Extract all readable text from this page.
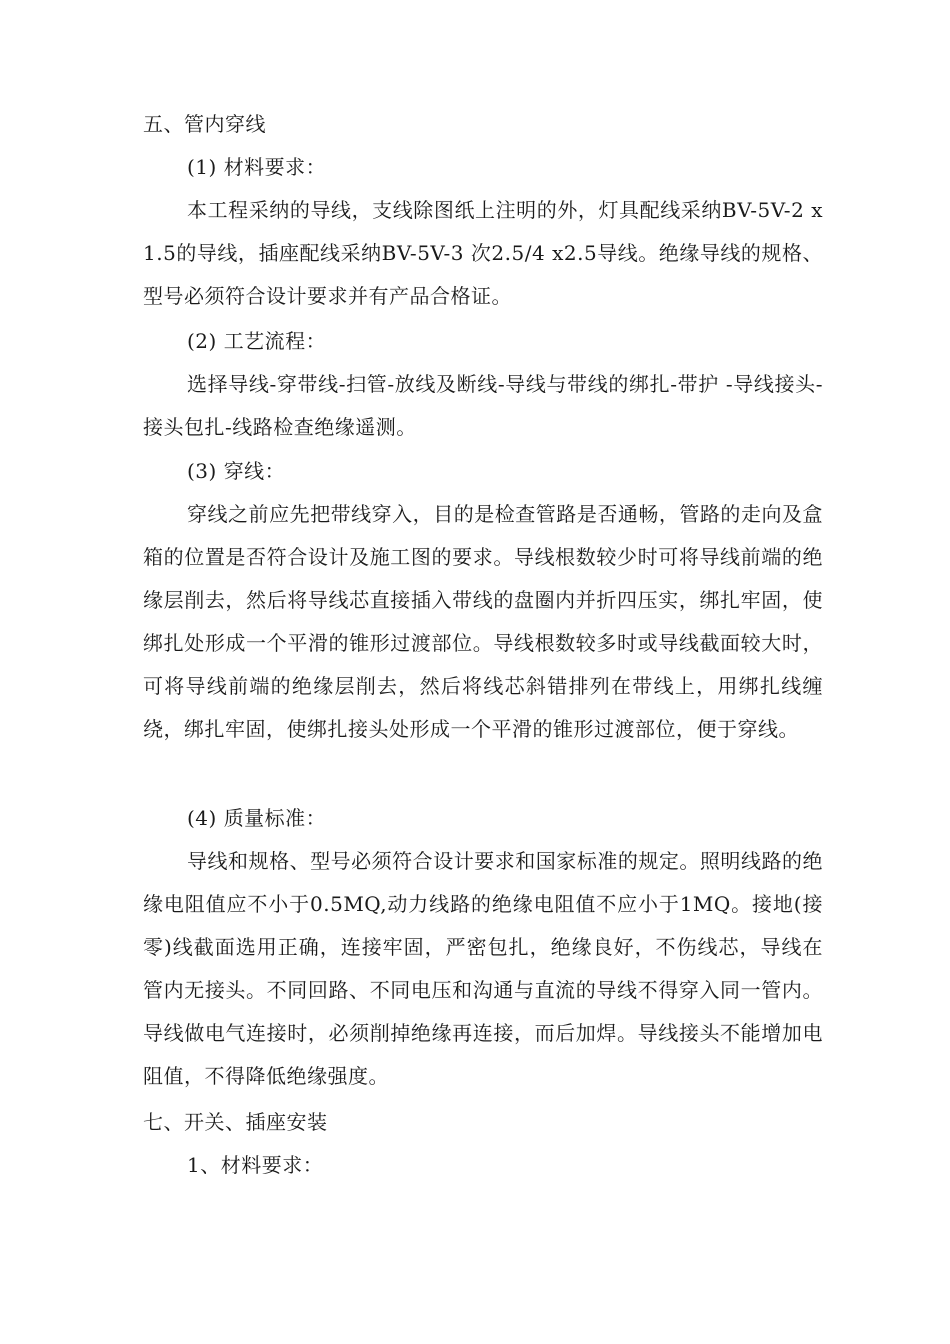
五、管内穿线

(1) 材料要求：

本工程采纳的导线，支线除图纸上注明的外，灯具配线采纳BV-5V-2 x 1.5的导线，插座配线采纳BV-5V-3 次2.5/4 x2.5导线。绝缘导线的规格、型号必须符合设计要求并有产品合格证。

(2) 工艺流程：

选择导线-穿带线-扫管-放线及断线-导线与带线的绑扎-带护 -导线接头-接头包扎-线路检查绝缘遥测。

(3) 穿线：

穿线之前应先把带线穿入，目的是检查管路是否通畅，管路的走向及盒箱的位置是否符合设计及施工图的要求。导线根数较少时可将导线前端的绝缘层削去，然后将导线芯直接插入带线的盘圈内并折四压实，绑扎牢固，使绑扎处形成一个平滑的锥形过渡部位。导线根数较多时或导线截面较大时，可将导线前端的绝缘层削去，然后将线芯斜错排列在带线上，用绑扎线缠绕，绑扎牢固，使绑扎接头处形成一个平滑的锥形过渡部位，便于穿线。

(4) 质量标准：

导线和规格、型号必须符合设计要求和国家标准的规定。照明线路的绝缘电阻值应不小于0.5MQ,动力线路的绝缘电阻值不应小于1MQ。接地(接零)线截面选用正确，连接牢固，严密包扎，绝缘良好，不伤线芯，导线在管内无接头。不同回路、不同电压和沟通与直流的导线不得穿入同一管内。导线做电气连接时，必须削掉绝缘再连接，而后加焊。导线接头不能增加电阻值，不得降低绝缘强度。

七、开关、插座安装

1、材料要求：
